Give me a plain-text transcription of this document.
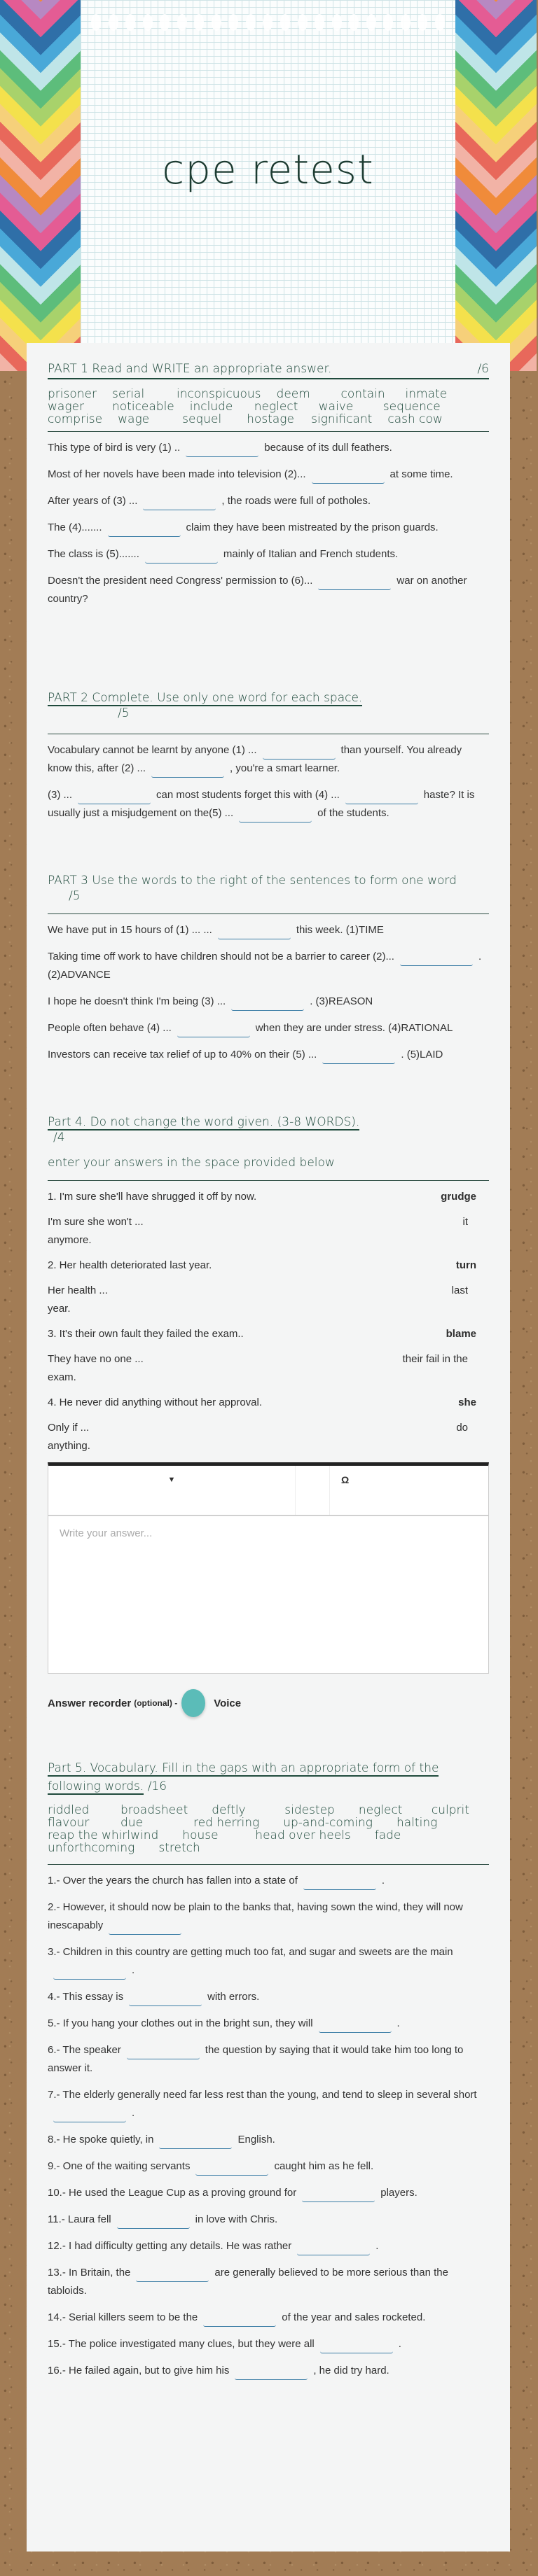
cpe retest
PART 1 Read and WRITE an appropriate answer.	/6
prisoner serial	inconspicuous deem	contain	inmate
wager	noticeable include	neglect	waive	sequence
comprise wage	sequel	hostage significant cash cow

This type of bird is very (1) ..	because of its dull feathers.

Most of her novels have been made into television (2)...	at some time.

After years of (3) ...	, the roads were full of potholes.

The (4).......	claim they have been mistreated by the prison guards.

The class is (5).......	mainly of Italian and French students.

Doesn't the president need Congress' permission to (6)...	war on another country?

PART 2 Complete. Use only one word for each space.
/5

Vocabulary cannot be learnt by anyone (1) ...	than yourself. You already know this, after (2) ...	, you're a smart learner.

(3) ...	can most students forget this with (4) ...	haste? It is usually just a misjudgement on the(5) ...	of the students.

PART 3 Use the words to the right of the sentences to form one word /5

We have put in 15 hours of (1) ... ...	this week. (1)TIME

Taking time off work to have children should not be a barrier to career (2)...	. (2)ADVANCE

I hope he doesn't think I'm being (3) ...	. (3)REASON

People often behave (4) ...	when they are under stress. (4)RATIONAL

Investors can receive tax relief of up to 40% on their (5) ...	. (5)LAID

Part 4. Do not change the word given. (3-8 WORDS).
/4
enter your answers in the space provided below
1. I'm sure she'll have shrugged it off by now.	grudge
I'm sure she won't ...	it
anymore.
2. Her health deteriorated last year.	turn
Her health ...	last
year.
3. It's their own fault they failed the exam..	blame
They have no one ...	their fail in the
exam.
4. He never did anything without her approval.	she
Only if ...	do
anything.
▼	Ω
Write your answer...
Answer recorder (optional) -	Voice
Part 5. Vocabulary. Fill in the gaps with an appropriate form of the following words. /16
riddled	broadsheet deftly	sidestep neglect	culprit
flavour	due	red herring up-and-coming halting
reap the whirlwind house	head over heels fade
unforthcoming stretch

1.- Over the years the church has fallen into a state of	.

2.- However, it should now be plain to the banks that, having sown the wind, they will now inescapably

3.- Children in this country are getting much too fat, and sugar and sweets are the main.

4.- This essay is	with errors.

5.- If you hang your clothes out in the bright sun, they will	.

6.- The speaker	the question by saying that it would take him too long to answer it.

7.- The elderly generally need far less rest than the young, and tend to sleep in several short.

8.- He spoke quietly, in	English.

9.- One of the waiting servants	caught him as he fell.

10.- He used the League Cup as a proving ground for	players.

11.- Laura fell	in love with Chris.

12.- I had difficulty getting any details. He was rather	.

13.- In Britain, the	are generally believed to be more serious than the tabloids.

14.- Serial killers seem to be the	of the year and sales rocketed.

15.- The police investigated many clues, but they were all	.

16.- He failed again, but to give him his	, he did try hard.
